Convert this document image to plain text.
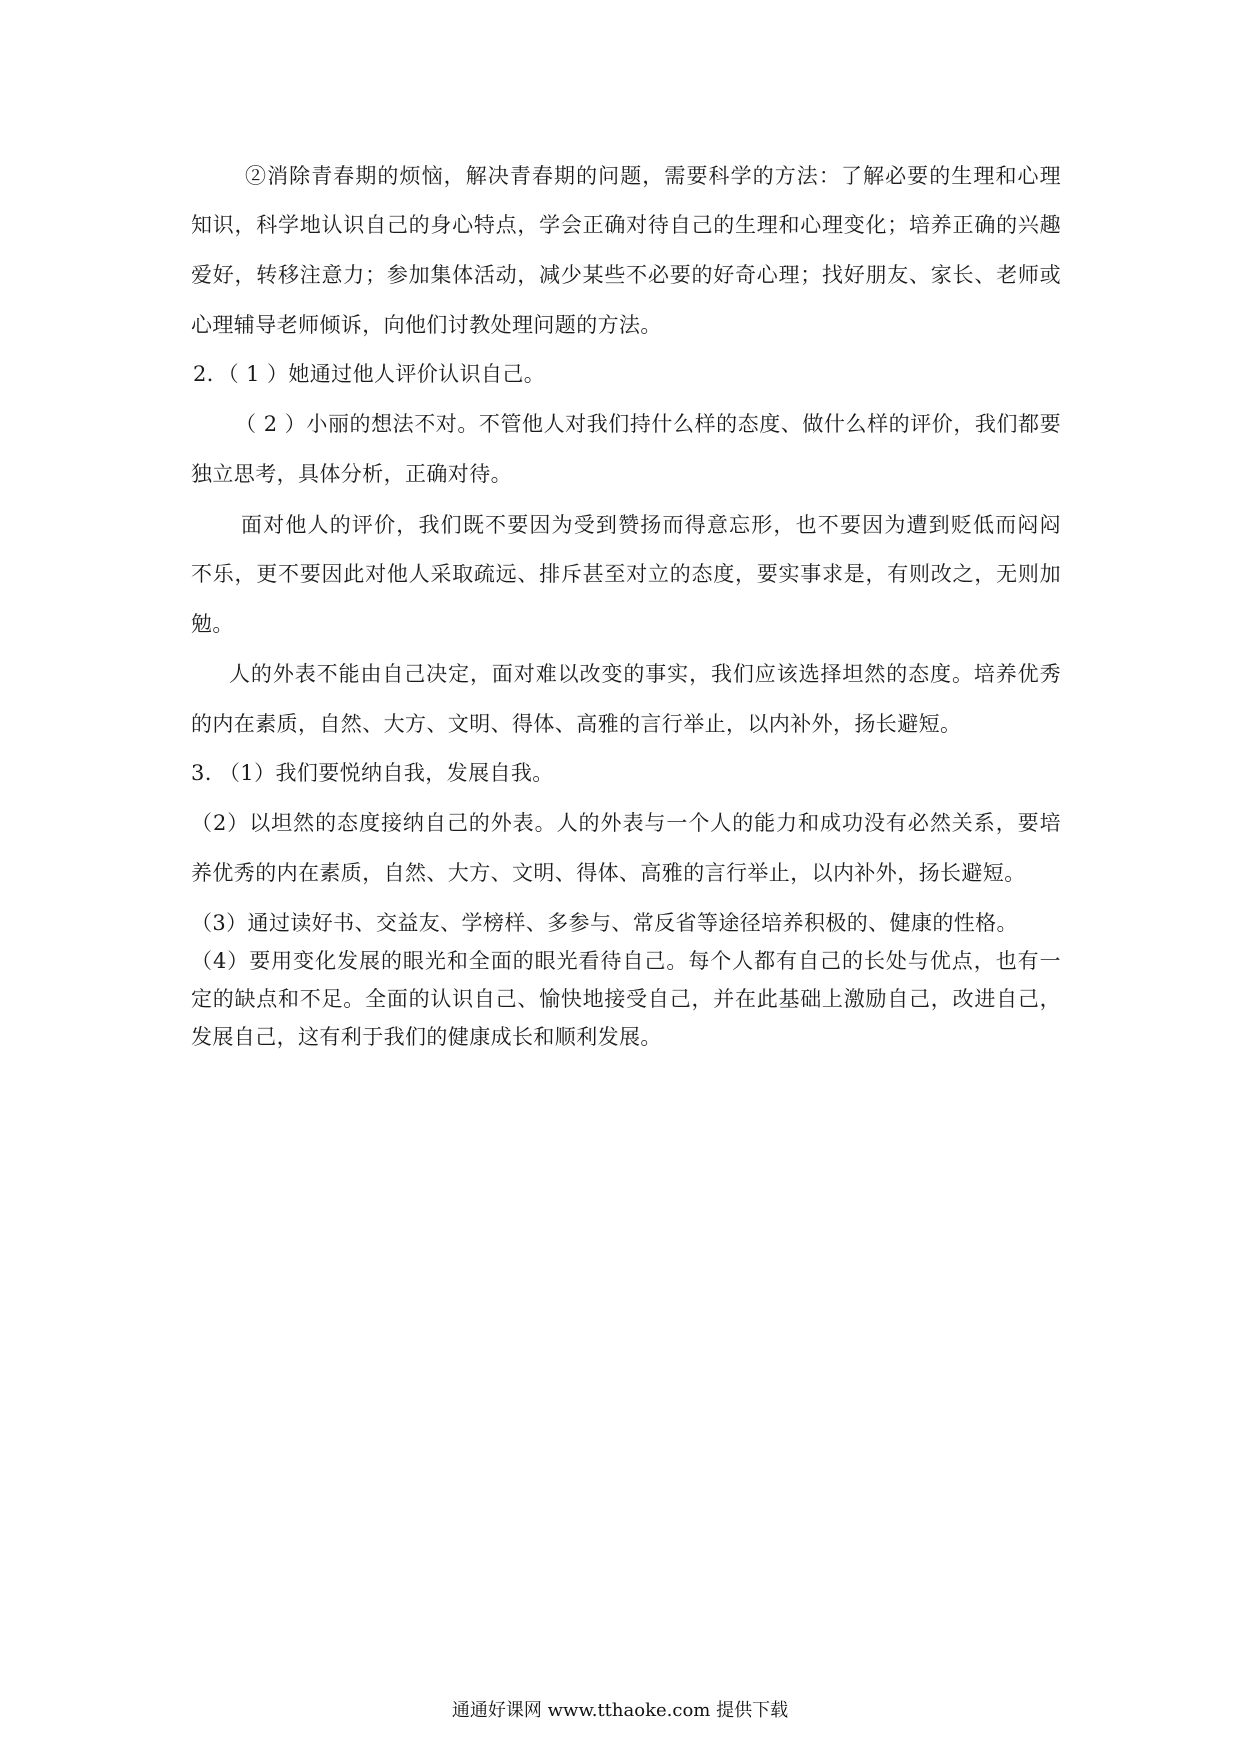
②消除青春期的烦恼，解决青春期的问题，需要科学的方法：了解必要的生理和心理
知识，科学地认识自己的身心特点，学会正确对待自己的生理和心理变化；培养正确的兴趣
爱好，转移注意力；参加集体活动，减少某些不必要的好奇心理；找好朋友、家长、老师或
心理辅导老师倾诉，向他们讨教处理问题的方法。
2．（ 1 ）她通过他人评价认识自己。
（ 2 ）小丽的想法不对。不管他人对我们持什么样的态度、做什么样的评价，我们都要
独立思考，具体分析，正确对待。
面对他人的评价，我们既不要因为受到赞扬而得意忘形，也不要因为遭到贬低而闷闷
不乐，更不要因此对他人采取疏远、排斥甚至对立的态度，要实事求是，有则改之，无则加
勉。
人的外表不能由自己决定，面对难以改变的事实，我们应该选择坦然的态度。培养优秀
的内在素质，自然、大方、文明、得体、高雅的言行举止，以内补外，扬长避短。
3. （1）我们要悦纳自我，发展自我。
（2）以坦然的态度接纳自己的外表。人的外表与一个人的能力和成功没有必然关系，要培
养优秀的内在素质，自然、大方、文明、得体、高雅的言行举止，以内补外，扬长避短。
（3）通过读好书、交益友、学榜样、多参与、常反省等途径培养积极的、健康的性格。
（4）要用变化发展的眼光和全面的眼光看待自己。每个人都有自己的长处与优点，也有一
定的缺点和不足。全面的认识自己、愉快地接受自己，并在此基础上激励自己，改进自己，
发展自己，这有利于我们的健康成长和顺利发展。
通通好课网 www.tthaoke.com 提供下载
